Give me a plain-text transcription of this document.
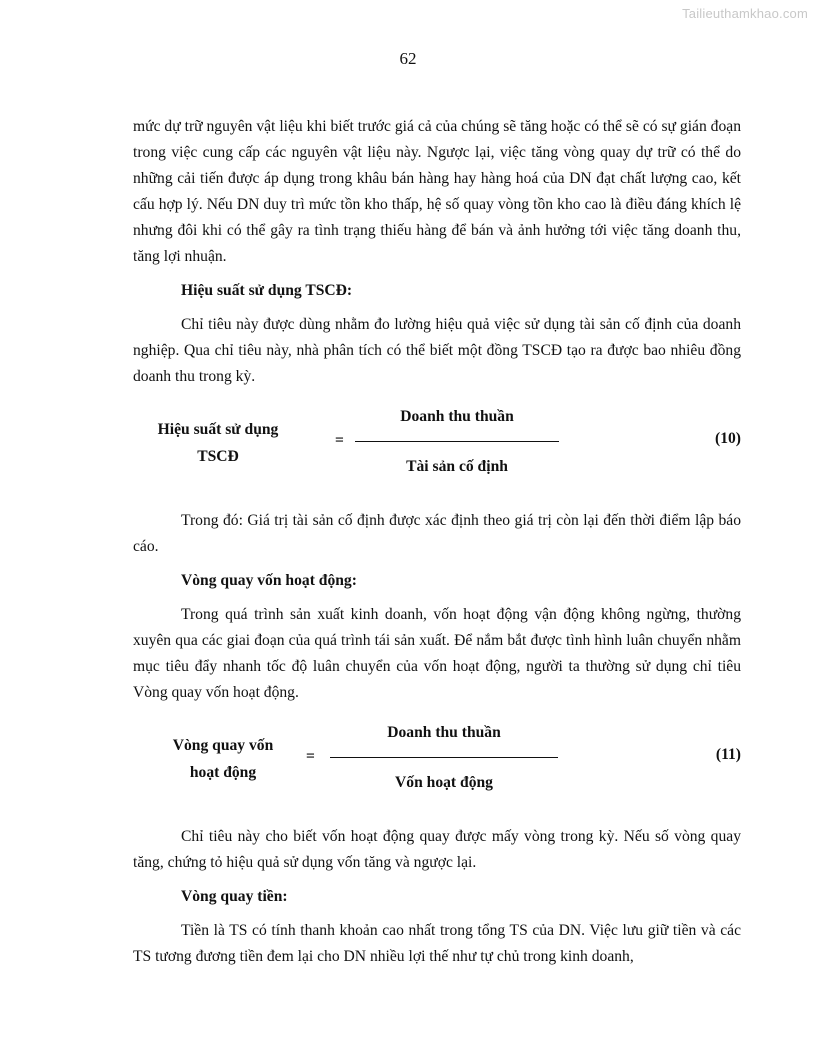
Tailieuthamkhao.com
62

mức dự trữ nguyên vật liệu khi biết trước giá cả của chúng sẽ tăng hoặc có thể sẽ có sự gián đoạn trong việc cung cấp các nguyên vật liệu này. Ngược lại, việc tăng vòng quay dự trữ có thể do những cải tiến được áp dụng trong khâu bán hàng hay hàng hoá của DN đạt chất lượng cao, kết cấu hợp lý. Nếu DN duy trì mức tồn kho thấp, hệ số quay vòng tồn kho cao là điều đáng khích lệ nhưng đôi khi có thể gây ra tình trạng thiếu hàng để bán và ảnh hưởng tới việc tăng doanh thu, tăng lợi nhuận.

Hiệu suất sử dụng TSCĐ:

Chỉ tiêu này được dùng nhằm đo lường hiệu quả việc sử dụng tài sản cố định của doanh nghiệp. Qua chỉ tiêu này, nhà phân tích có thể biết một đồng TSCĐ tạo ra được bao nhiêu đồng doanh thu trong kỳ.

Hiệu suất sử dụng
TSCĐ
=
Doanh thu thuần
Tài sản cố định
(10)

Trong đó: Giá trị tài sản cố định được xác định theo giá trị còn lại đến thời điểm lập báo cáo.

Vòng quay vốn hoạt động:

Trong quá trình sản xuất kinh doanh, vốn hoạt động vận động không ngừng, thường xuyên qua các giai đoạn của quá trình tái sản xuất. Để nắm bắt được tình hình luân chuyển nhằm mục tiêu đẩy nhanh tốc độ luân chuyển của vốn hoạt động, người ta thường sử dụng chỉ tiêu Vòng quay vốn hoạt động.

Vòng quay vốn
hoạt động
=
Doanh thu thuần
Vốn hoạt động
(11)

Chỉ tiêu này cho biết vốn hoạt động quay được mấy vòng trong kỳ. Nếu số vòng quay tăng, chứng tỏ hiệu quả sử dụng vốn tăng và ngược lại.

Vòng quay tiền:

Tiền là TS có tính thanh khoản cao nhất trong tổng TS của DN. Việc lưu giữ tiền và các TS tương đương tiền đem lại cho DN nhiều lợi thế như tự chủ trong kinh doanh,
